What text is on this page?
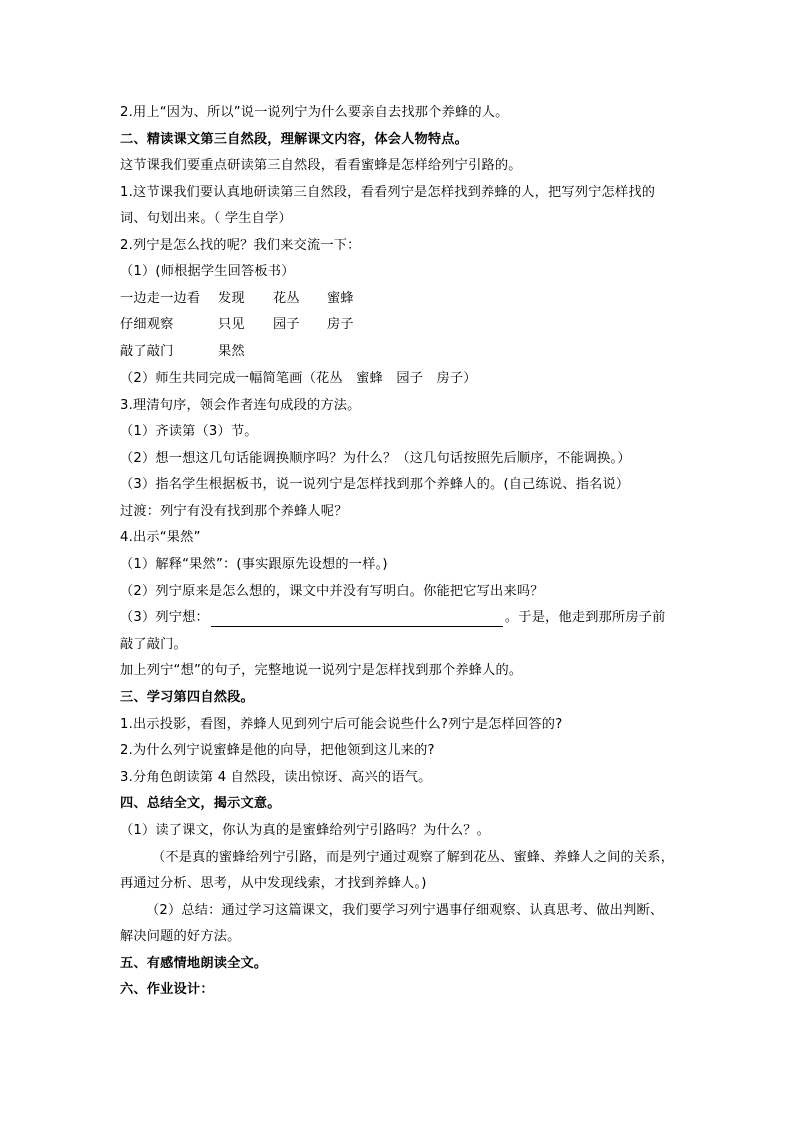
2.用上“因为、所以”说一说列宁为什么要亲自去找那个养蜂的人。
二、精读课文第三自然段，理解课文内容，体会人物特点。
这节课我们要重点研读第三自然段，看看蜜蜂是怎样给列宁引路的。
1.这节课我们要认真地研读第三自然段，看看列宁是怎样找到养蜂的人，把写列宁怎样找的
词、句划出来。（ 学生自学）
2.列宁是怎么找的呢？我们来交流一下：
（1）(师根据学生回答板书）
一边走一边看 发现 花丛 蜜蜂
仔细观察	只见 园子 房子
敲了敲门	果然
（2）师生共同完成一幅简笔画（花丛　蜜蜂　园子　房子）
3.理清句序，领会作者连句成段的方法。
（1）齐读第（3）节。
（2）想一想这几句话能调换顺序吗？为什么？（这几句话按照先后顺序，不能调换。）
（3）指名学生根据板书，说一说列宁是怎样找到那个养蜂人的。(自己练说、指名说）
过渡：列宁有没有找到那个养蜂人呢？
4.出示“果然”
（1）解释“果然”：(事实跟原先设想的一样。)
（2）列宁原来是怎么想的，课文中并没有写明白。你能把它写出来吗？
（3）列宁想：	。于是，他走到那所房子前
敲了敲门。
加上列宁“想”的句子，完整地说一说列宁是怎样找到那个养蜂人的。
三、学习第四自然段。
1.出示投影，看图，养蜂人见到列宁后可能会说些什么?列宁是怎样回答的?
2.为什么列宁说蜜蜂是他的向导，把他领到这儿来的?
3.分角色朗读第 4 自然段，读出惊讶、高兴的语气。
四、总结全文，揭示文意。
（1）读了课文，你认为真的是蜜蜂给列宁引路吗？为什么？。
（不是真的蜜蜂给列宁引路，而是列宁通过观察了解到花丛、蜜蜂、养蜂人之间的关系，
再通过分析、思考，从中发现线索，才找到养蜂人。)
（2）总结：通过学习这篇课文，我们要学习列宁遇事仔细观察、认真思考、做出判断、
解决问题的好方法。
五、有感情地朗读全文。
六、作业设计：
